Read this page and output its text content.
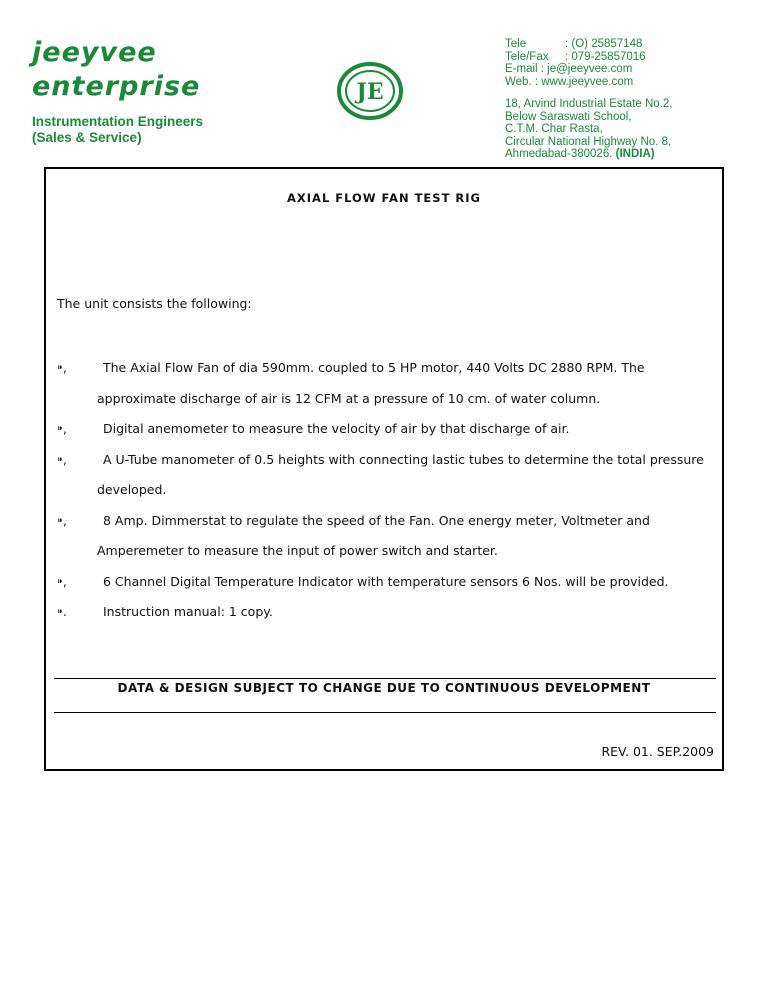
jeeyvee

enterprise

Instrumentation Engineers

(Sales & Service)

JE
Tele	: (O) 25857148
Tele/Fax	: 079-25857016
E-mail : je@jeeyvee.com
Web. : www.jeeyvee.com
18, Arvind Industrial Estate No.2,
Below Saraswati School,
C.T.M. Char Rasta,
Circular National Highway No. 8,
Ahmedabad-380026. (INDIA)
AXIAL FLOW FAN TEST RIG
The unit consists the following:
⁍,	The Axial Flow Fan of dia 590mm. coupled to 5 HP motor, 440 Volts DC 2880 RPM. The
approximate discharge of air is 12 CFM at a pressure of 10 cm. of water column.
⁍,	Digital anemometer to measure the velocity of air by that discharge of air.
⁍,	A U-Tube manometer of 0.5 heights with connecting lastic tubes to determine the total pressure
developed.
⁍,	8 Amp. Dimmerstat to regulate the speed of the Fan. One energy meter, Voltmeter and
Amperemeter to measure the input of power switch and starter.
⁍,	6 Channel Digital Temperature Indicator with temperature sensors 6 Nos. will be provided.
⁍.	Instruction manual: 1 copy.
DATA & DESIGN SUBJECT TO CHANGE DUE TO CONTINUOUS DEVELOPMENT
REV. 01. SEP.2009
